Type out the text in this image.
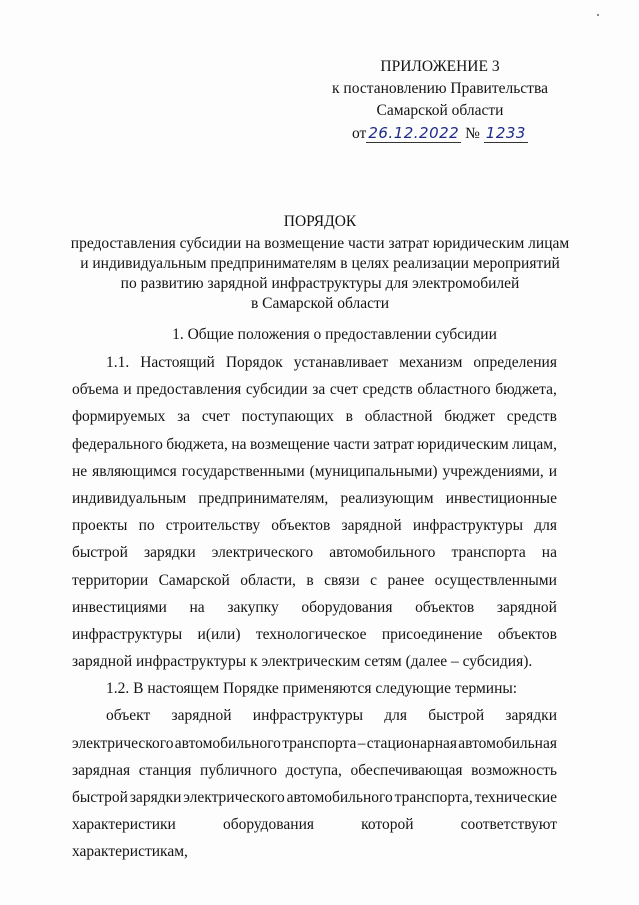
ПРИЛОЖЕНИЕ 3
к постановлению Правительства
Самарской области
от 26.12.2022 № 1233
ПОРЯДОК
предоставления субсидии на возмещение части затрат юридическим лицам
и индивидуальным предпринимателям в целях реализации мероприятий
по развитию зарядной инфраструктуры для электромобилей
в Самарской области
1. Общие положения о предоставлении субсидии
1.1. Настоящий Порядок устанавливает механизм определения
объема и предоставления субсидии за счет средств областного бюджета,
формируемых за счет поступающих в областной бюджет средств
федерального бюджета, на возмещение части затрат юридическим лицам,
не являющимся государственными (муниципальными) учреждениями, и
индивидуальным предпринимателям, реализующим инвестиционные
проекты по строительству объектов зарядной инфраструктуры для
быстрой зарядки электрического автомобильного транспорта на
территории Самарской области, в связи с ранее осуществленными
инвестициями на закупку оборудования объектов зарядной
инфраструктуры и(или) технологическое присоединение объектов
зарядной инфраструктуры к электрическим сетям (далее – субсидия).
1.2. В настоящем Порядке применяются следующие термины:
объект зарядной инфраструктуры для быстрой зарядки
электрического автомобильного транспорта – стационарная автомобильная
зарядная станция публичного доступа, обеспечивающая возможность
быстрой зарядки электрического автомобильного транспорта, технические
характеристики	оборудования	которой	соответствуют
характеристикам,
